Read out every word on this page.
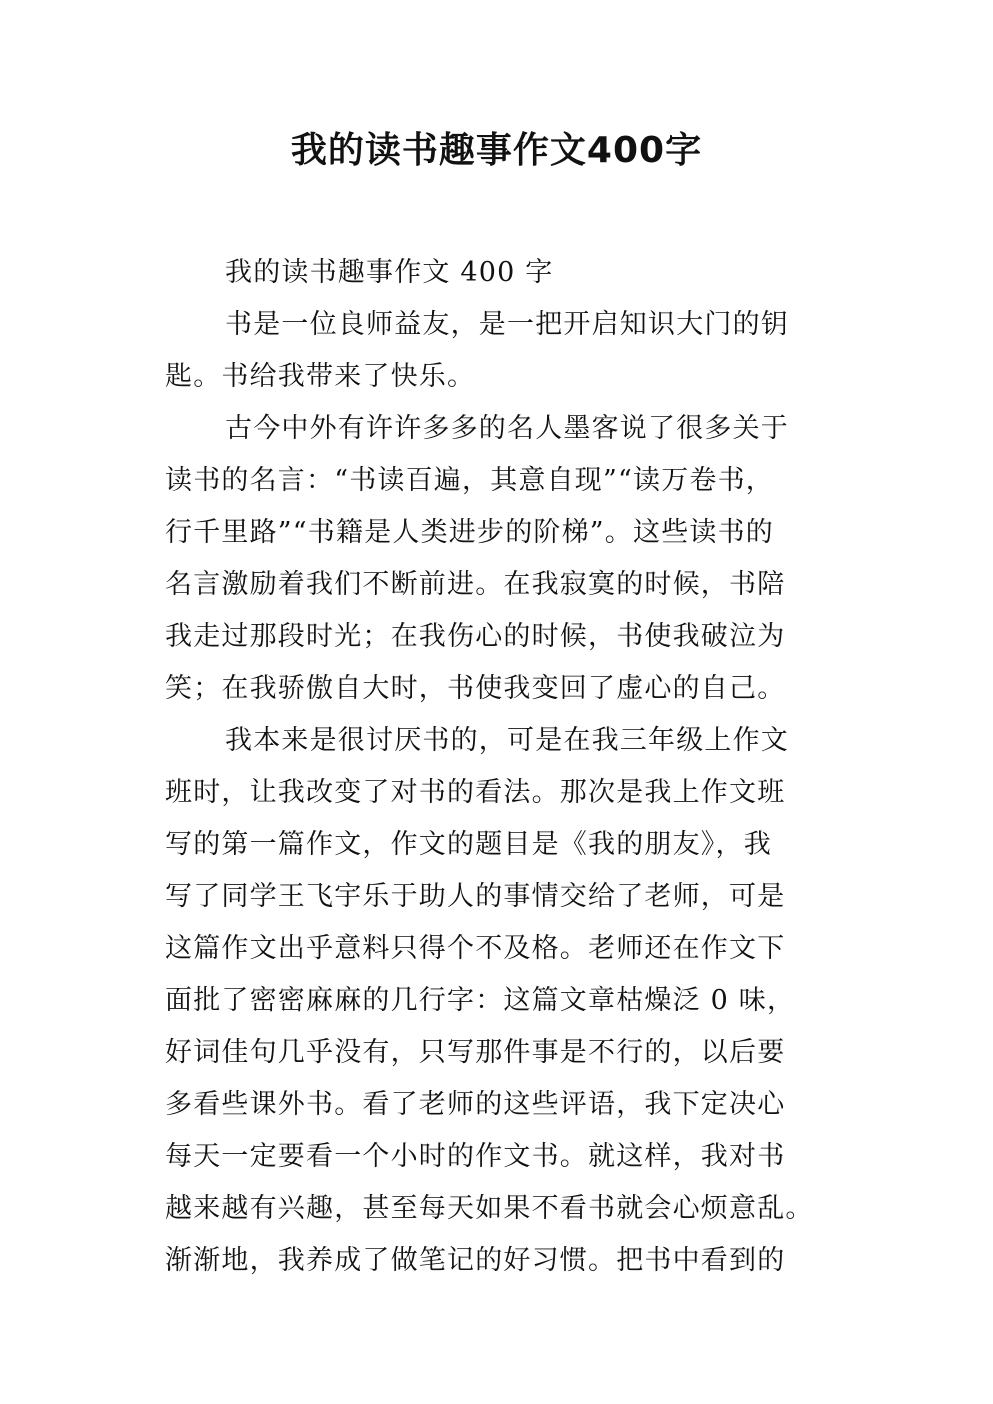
我的读书趣事作文400字
我的读书趣事作文 400 字
书是一位良师益友，是一把开启知识大门的钥
匙。书给我带来了快乐。
古今中外有许许多多的名人墨客说了很多关于
读书的名言：“书读百遍，其意自现”“读万卷书，
行千里路”“书籍是人类进步的阶梯”。这些读书的
名言激励着我们不断前进。在我寂寞的时候，书陪
我走过那段时光；在我伤心的时候，书使我破泣为
笑；在我骄傲自大时，书使我变回了虚心的自己。
我本来是很讨厌书的，可是在我三年级上作文
班时，让我改变了对书的看法。那次是我上作文班
写的第一篇作文，作文的题目是《我的朋友》，我
写了同学王飞宇乐于助人的事情交给了老师，可是
这篇作文出乎意料只得个不及格。老师还在作文下
面批了密密麻麻的几行字：这篇文章枯燥泛 0 味，
好词佳句几乎没有，只写那件事是不行的，以后要
多看些课外书。看了老师的这些评语，我下定决心
每天一定要看一个小时的作文书。就这样，我对书
越来越有兴趣，甚至每天如果不看书就会心烦意乱。
渐渐地，我养成了做笔记的好习惯。把书中看到的
